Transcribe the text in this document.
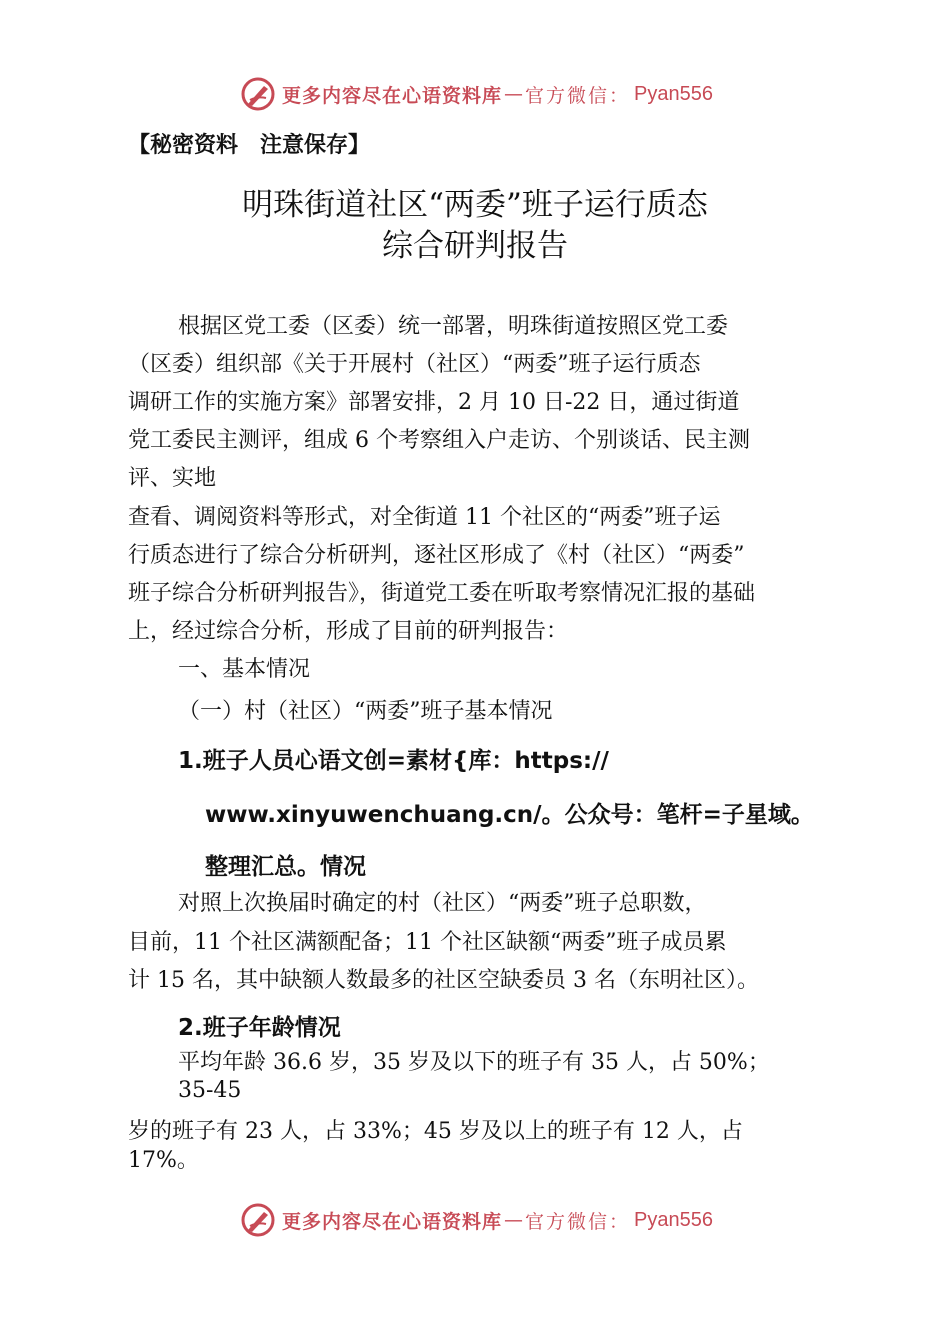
更多内容尽在心语资料库 — 官方微信： Pyan556
【秘密资料　注意保存】
明珠街道社区“两委”班子运行质态
综合研判报告
根据区党工委（区委）统一部署，明珠街道按照区党工委
（区委）组织部《关于开展村（社区）“两委”班子运行质态
调研工作的实施方案》部署安排，2 月 10 日-22 日，通过街道
党工委民主测评，组成 6 个考察组入户走访、个别谈话、民主测
评、实地
查看、调阅资料等形式，对全街道 11 个社区的“两委”班子运
行质态进行了综合分析研判，逐社区形成了《村（社区）“两委”
班子综合分析研判报告》，街道党工委在听取考察情况汇报的基础
上，经过综合分析，形成了目前的研判报告：
一、基本情况
（一）村（社区）“两委”班子基本情况
1.班子人员心语文创=素材{库：https://
www.xinyuwenchuang.cn/。公众号：笔杆=子星域。
整理汇总。情况
对照上次换届时确定的村（社区）“两委”班子总职数，
目前，11 个社区满额配备；11 个社区缺额“两委”班子成员累
计 15 名，其中缺额人数最多的社区空缺委员 3 名（东明社区）。
2.班子年龄情况
平均年龄 36.6 岁，35 岁及以下的班子有 35 人，占 50%；
35-45
岁的班子有 23 人，占 33%；45 岁及以上的班子有 12 人，占
17%。
更多内容尽在心语资料库 — 官方微信： Pyan556
